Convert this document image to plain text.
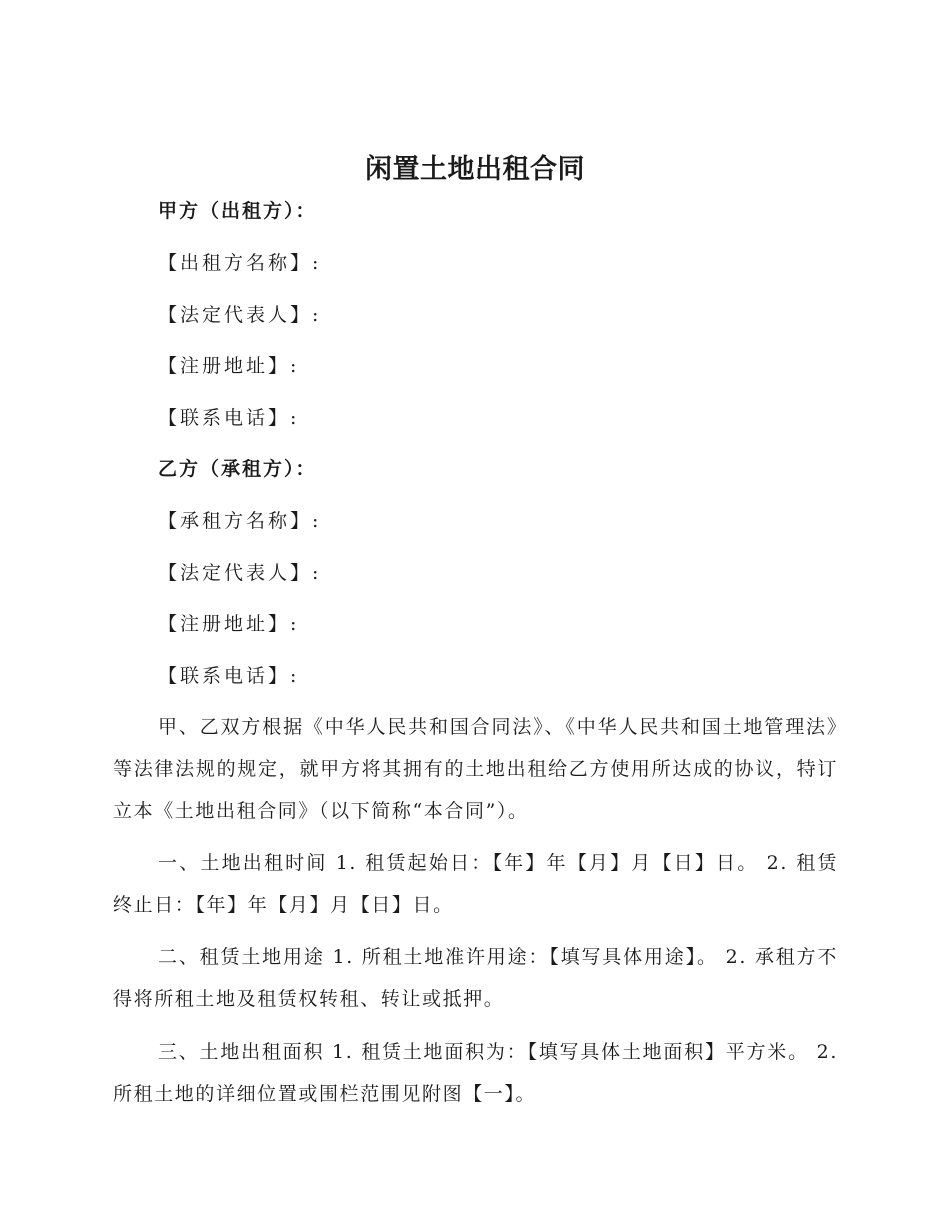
闲置土地出租合同
甲方（出租方）：
【出租方名称】:
【法定代表人】:
【注册地址】:
【联系电话】:
乙方（承租方）：
【承租方名称】:
【法定代表人】:
【注册地址】:
【联系电话】:

甲、乙双方根据《中华人民共和国合同法》、《中华人民共和国土地管理法》等法律法规的规定，就甲方将其拥有的土地出租给乙方使用所达成的协议，特订立本《土地出租合同》（以下简称“本合同”）。

一、土地出租时间 1. 租赁起始日：【年】年【月】月【日】日。 2. 租赁终止日：【年】年【月】月【日】日。

二、租赁土地用途 1. 所租土地准许用途：【填写具体用途】。 2. 承租方不得将所租土地及租赁权转租、转让或抵押。

三、土地出租面积 1. 租赁土地面积为：【填写具体土地面积】平方米。 2. 所租土地的详细位置或围栏范围见附图【一】。
